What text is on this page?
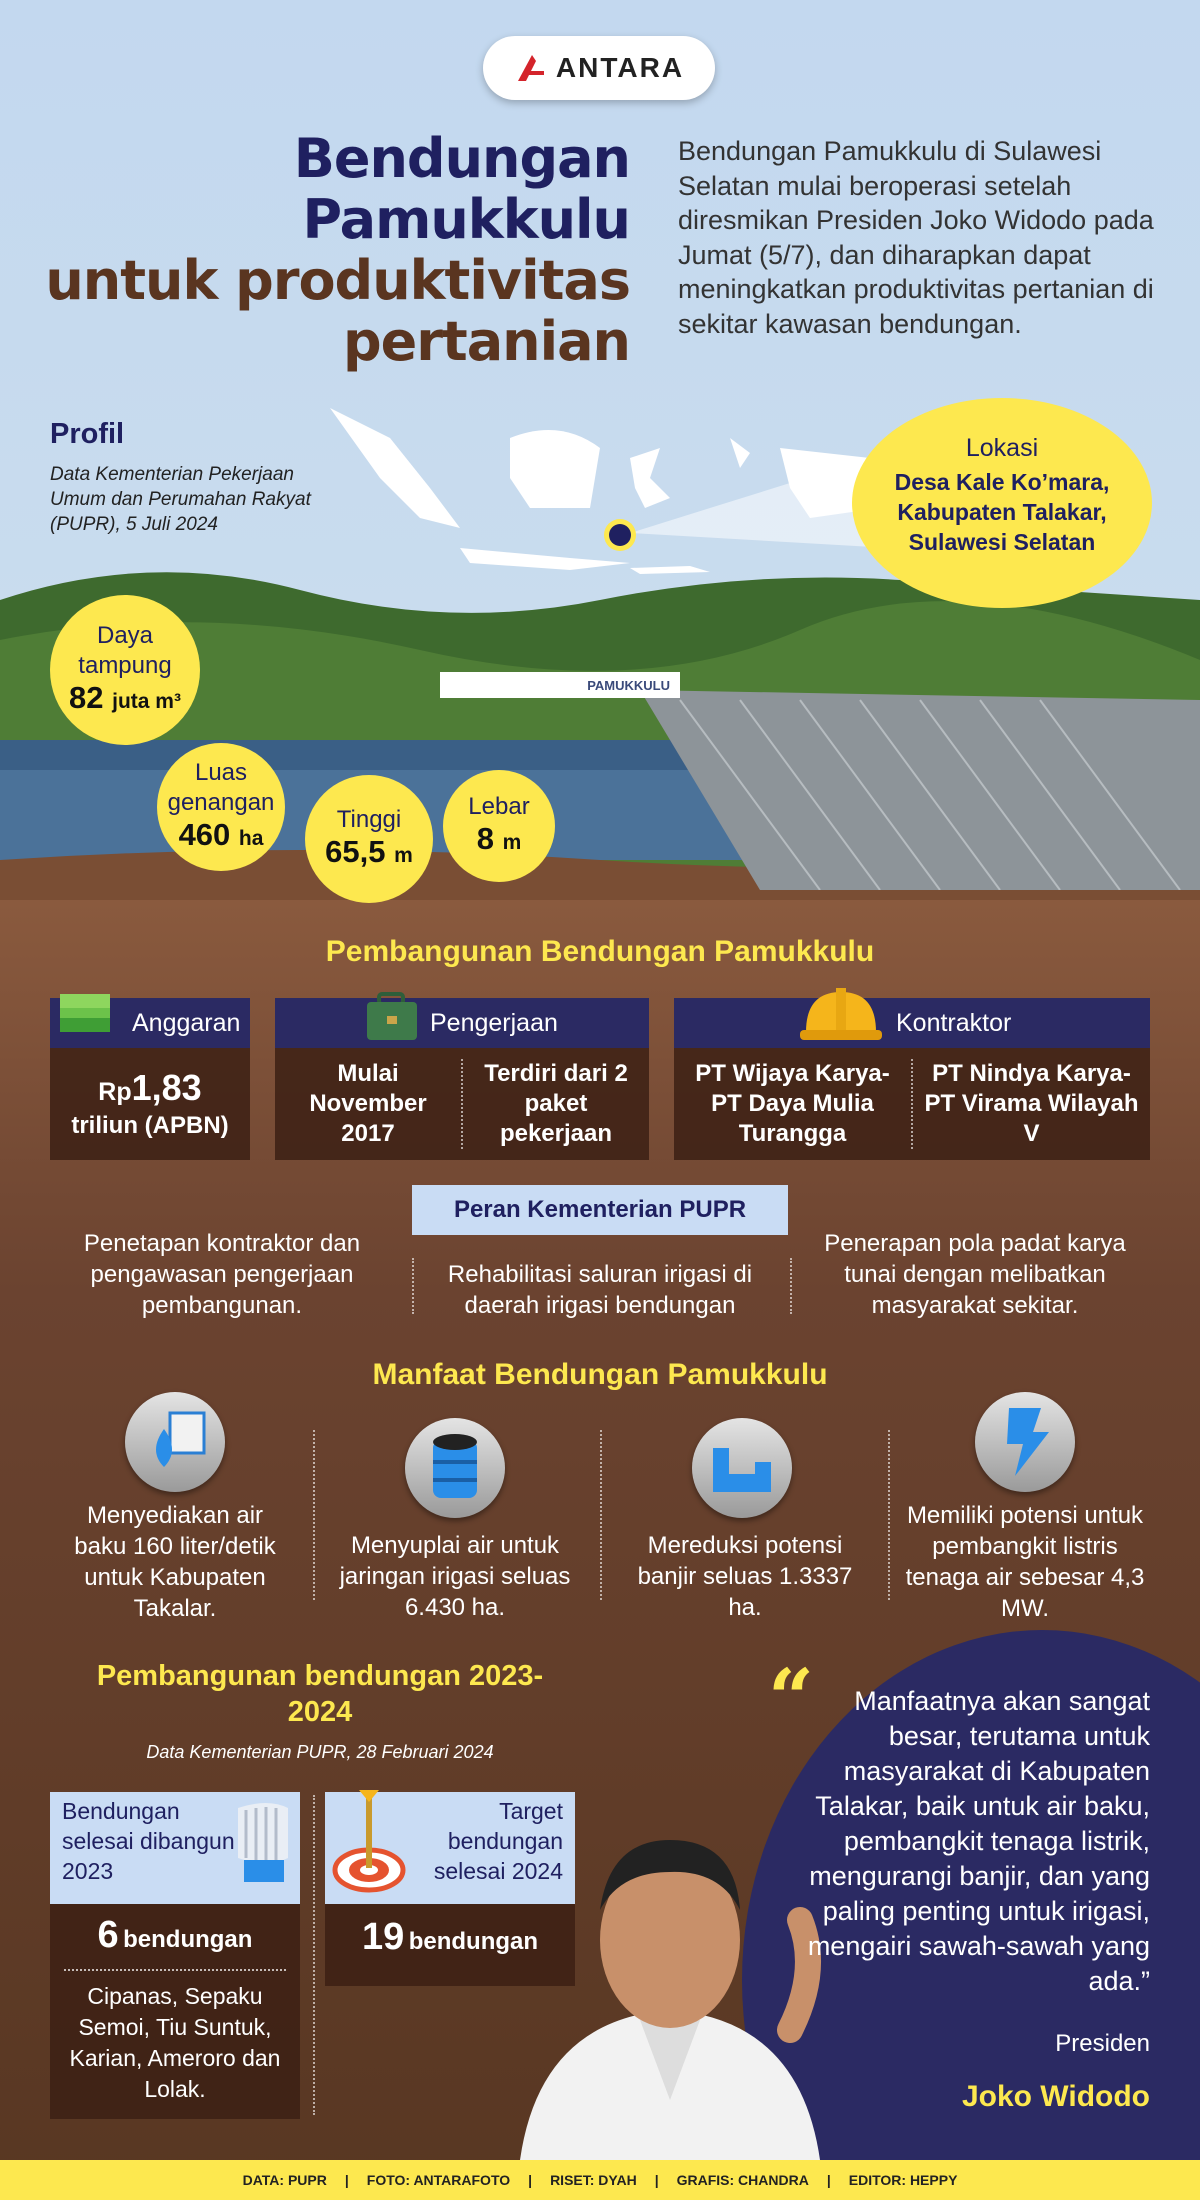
PAMUKKULU
ANTARA
Bendungan
Pamukkulu
untuk produktivitas
pertanian
Bendungan Pamukkulu di Sulawesi Selatan mulai beroperasi setelah diresmikan Presiden Joko Widodo pada Jumat (5/7), dan diharapkan dapat meningkatkan produktivitas pertanian di sekitar kawasan bendungan.
Profil
Data Kementerian Pekerjaan Umum dan Perumahan Rakyat (PUPR), 5 Juli 2024
Lokasi
Desa Kale Ko’mara, Kabupaten Talakar, Sulawesi Selatan
Daya tampung
82 juta m³
Luas genangan
460 ha
Tinggi
65,5 m
Lebar
8 m
Pembangunan Bendungan Pamukkulu
Anggaran
Rp1,83
triliun (APBN)
Pengerjaan
Mulai November 2017
Terdiri dari 2 paket pekerjaan
Kontraktor
PT Wijaya Karya-PT Daya Mulia Turangga
PT Nindya Karya-PT Virama Wilayah V
Peran Kementerian PUPR
Penetapan kontraktor dan pengawasan pengerjaan pembangunan.
Rehabilitasi saluran irigasi di daerah irigasi bendungan
Penerapan pola padat karya tunai dengan melibatkan masyarakat sekitar.
Manfaat Bendungan Pamukkulu
Menyediakan air baku 160 liter/detik untuk Kabupaten Takalar.
Menyuplai air untuk jaringan irigasi seluas 6.430 ha.
Mereduksi potensi banjir seluas 1.3337 ha.
Memiliki potensi untuk pembangkit listris tenaga air sebesar 4,3 MW.
“	Manfaatnya akan sangat besar, terutama untuk masyarakat di Kabupaten Talakar, baik untuk air baku, pembangkit tenaga listrik, mengurangi banjir, dan yang paling penting untuk irigasi, mengairi sawah-sawah yang ada.”
Presiden
Joko Widodo
Pembangunan bendungan 2023-2024
Data Kementerian PUPR, 28 Februari 2024
Bendungan selesai dibangun 2023
6 bendungan
Cipanas, Sepaku Semoi, Tiu Suntuk, Karian, Ameroro dan Lolak.
Target bendungan selesai 2024
19 bendungan
DATA: PUPR | FOTO: ANTARAFOTO | RISET: DYAH | GRAFIS: CHANDRA | EDITOR: HEPPY
